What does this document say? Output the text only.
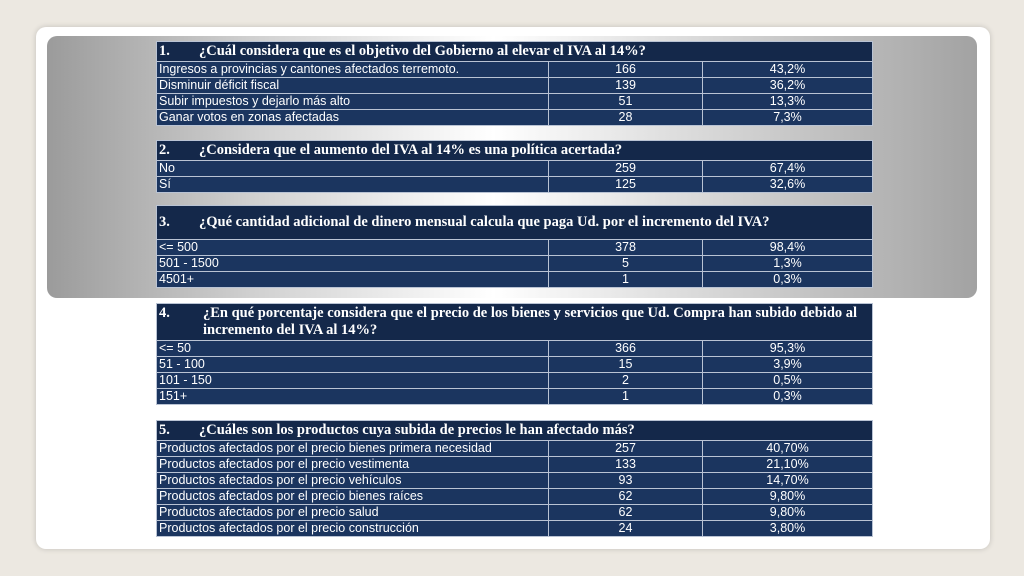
1. ¿Cuál considera que es el objetivo del Gobierno al elevar el IVA al 14%?		
Ingresos a provincias y cantones afectados terremoto.	166	43,2%
Disminuir déficit fiscal	139	36,2%
Subir impuestos y dejarlo más alto	51	13,3%
Ganar votos en zonas afectadas	28	7,3%
2. ¿Considera que el aumento del IVA al 14% es una política acertada?		
No	259	67,4%
Sí	125	32,6%
3. ¿Qué cantidad adicional de dinero mensual calcula que paga Ud. por el incremento del IVA?		
<= 500	378	98,4%
501 - 1500	5	1,3%
4501+	1	0,3%
4. ¿En qué porcentaje considera que el precio de los bienes y servicios que Ud. Compra han subido debido al incremento del IVA al 14%?		

<= 50	366	95,3%
51 - 100	15	3,9%
101 - 150	2	0,5%
151+	1	0,3%
5. ¿Cuáles son los productos cuya subida de precios le han afectado más?		
Productos afectados por el precio bienes primera necesidad	257	40,70%
Productos afectados por el precio vestimenta	133	21,10%
Productos afectados por el precio vehículos	93	14,70%
Productos afectados por el precio bienes raíces	62	9,80%
Productos afectados por el precio salud	62	9,80%
Productos afectados por el precio construcción	24	3,80%
